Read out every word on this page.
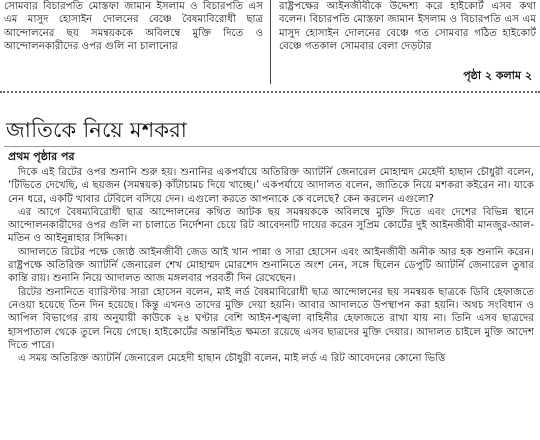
সোমবার বিচারপতি মোস্তফা জামান ইসলাম ও বিচারপতি এস এম মাসুদ হোসাইন দোলনের বেঞ্চে বৈষম্যবিরোধী ছাত্র আন্দোলনের ছয় সমন্বয়ককে অবিলম্বে মুক্তি দিতে ও আন্দোলনকারীদের ওপর গুলি না চালানোর
রাষ্ট্রপক্ষের আইনজীবীকে উদ্দেশ্য করে হাইকোর্ট এসব কথা বলেন। বিচারপতি মোস্তফা জামান ইসলাম ও বিচারপতি এস এম মাসুদ হোসাইন দোলনের বেঞ্চে গত সোমবার গঠিত হাইকোর্ট বেঞ্চে গতকাল সোমবার বেলা দেড়টার
পৃষ্ঠা ২ কলাম ২
জাতিকে নিয়ে মশকরা
প্রথম পৃষ্ঠার পর

দিকে এই রিটের ওপর শুনানি শুরু হয়। শুনানির একপর্যায়ে অতিরিক্ত অ্যাটর্নি জেনারেল মোহাম্মদ মেহেদী হাছান চৌধুরী বলেন, ‘টিভিতে দেখেছি, এ ছয়জন (সমন্বয়ক) কাঁটাচামচ দিয়ে খাচ্ছে।’ একপর্যায়ে আদালত বলেন, জাতিকে নিয়ে মশকরা কইরেন না। যাকে নেন ধরে, একটি খাবার টেবিলে বসিয়ে দেন। এগুলো করতে আপনাকে কে বলেছে? কেন করলেন এগুলো?

এর আগে বৈষম্যবিরোধী ছাত্র আন্দোলনের কথিত আটক ছয় সমন্বয়ককে অবিলম্বে মুক্তি দিতে এবং দেশের বিভিন্ন স্থানে আন্দোলনকারীদের ওপর গুলি না চালাতে নির্দেশনা চেয়ে রিট আবেদনটি দায়ের করেন সুপ্রিম কোর্টের দুই আইনজীবী মানজুর-আল-মতিন ও আইনুন্নাহার সিদ্দিকা।

আদালতে রিটের পক্ষে জ্যেষ্ঠ আইনজীবী জেড আই খান পান্না ও সারা হোসেন এবং আইনজীবী অনীক আর হক শুনানি করেন। রাষ্ট্রপক্ষে অতিরিক্ত অ্যাটর্নি জেনারেল শেখ মোহাম্মদ মোরশেদ শুনানিতে অংশ নেন, সঙ্গে ছিলেন ডেপুটি অ্যাটর্নি জেনারেল তুষার কান্তি রায়। শুনানি নিয়ে আদালত আজ মঙ্গলবার পরবর্তী দিন রেখেছেন।

রিটের শুনানিতে ব্যারিস্টার সারা হোসেন বলেন, মাই লর্ড বৈষম্যবিরোধী ছাত্র আন্দোলনের ছয় সমন্বয়ক ছাত্রকে ডিবি হেফাজতে নেওয়া হয়েছে তিন দিন হয়েছে। কিন্তু এখনও তাদের মুক্তি দেয়া হয়নি। আবার আদালতে উপস্থাপন করা হয়নি। অথচ সংবিধান ও আপিল বিভাগের রায় অনুযায়ী কাউকে ২৪ ঘণ্টার বেশি আইন-শৃঙ্খলা বাহিনীর হেফাজতে রাখা যায় না। তিনি এসব ছাত্রদের হাসপাতাল থেকে তুলে নিয়ে গেছে। হাইকোর্টের অন্তর্নিহিত ক্ষমতা রয়েছে এসব ছাত্রদের মুক্তি দেয়ার। আদালত চাইলে মুক্তি আদেশ দিতে পারে।

এ সময় অতিরিক্ত অ্যাটর্নি জেনারেল মেহেদী হাছান চৌধুরী বলেন, মাই লর্ড এ রিট আবেদনের কোনো ভিত্তি
